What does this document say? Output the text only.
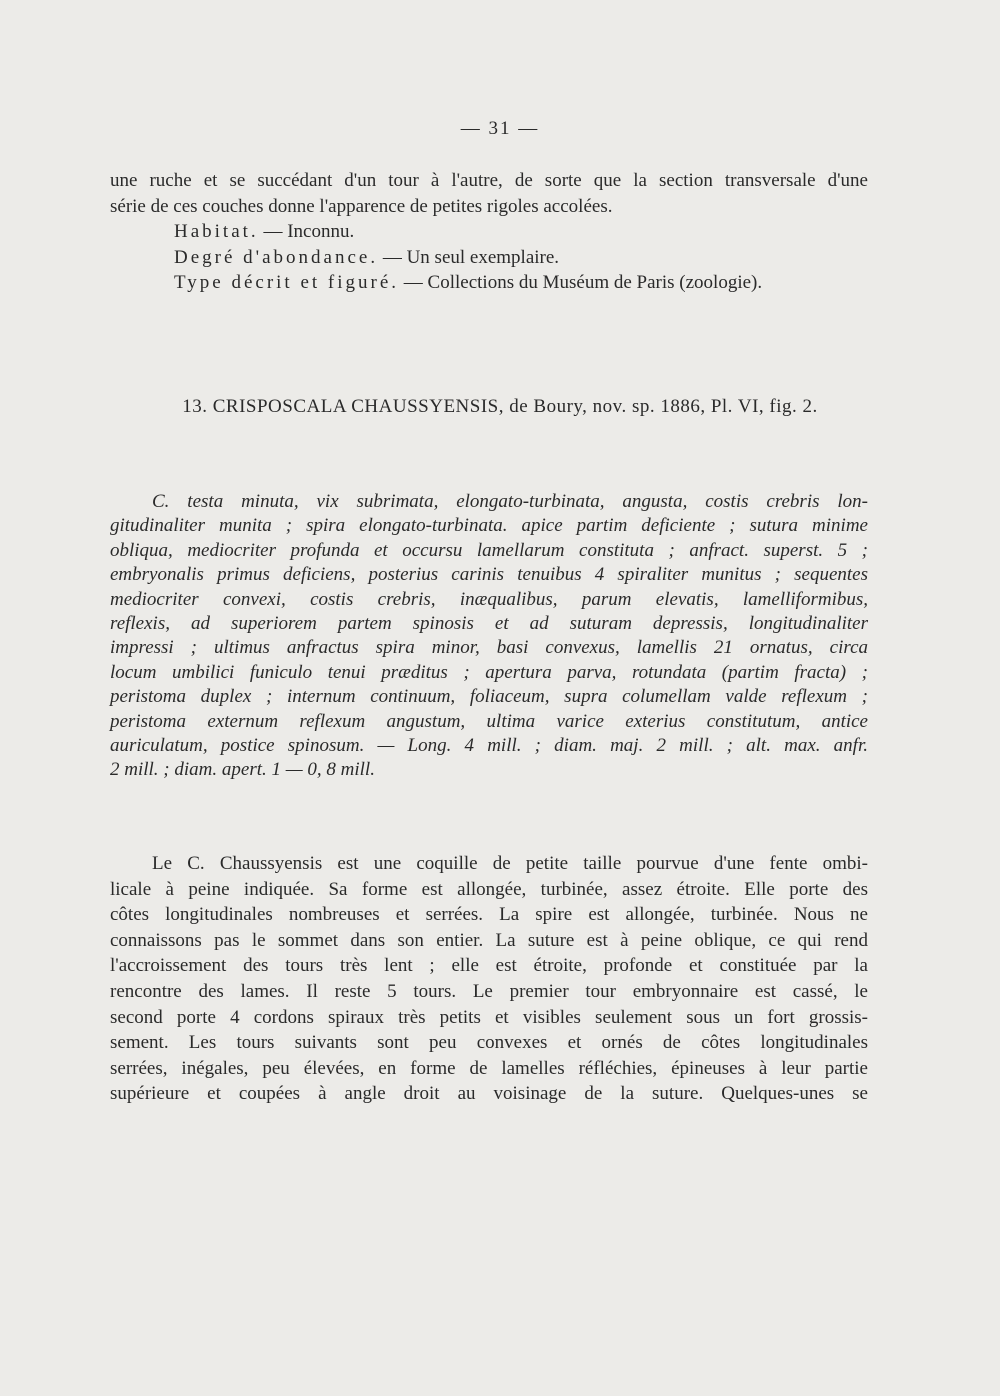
— 31 —
une ruche et se succédant d'un tour à l'autre, de sorte que la section transversale d'une
série de ces couches donne l'apparence de petites rigoles accolées.
Habitat. — Inconnu.
Degré d'abondance. — Un seul exemplaire.
Type décrit et figuré. — Collections du Muséum de Paris (zoologie).
13. CRISPOSCALA CHAUSSYENSIS, de Boury, nov. sp. 1886, Pl. VI, fig. 2.
C. testa minuta, vix subrimata, elongato-turbinata, angusta, costis crebris lon-
gitudinaliter munita ; spira elongato-turbinata. apice partim deficiente ; sutura minime
obliqua, mediocriter profunda et occursu lamellarum constituta ; anfract. superst. 5 ;
embryonalis primus deficiens, posterius carinis tenuibus 4 spiraliter munitus ; sequentes
mediocriter convexi, costis crebris, inæqualibus, parum elevatis, lamelliformibus,
reflexis, ad superiorem partem spinosis et ad suturam depressis, longitudinaliter
impressi ; ultimus anfractus spira minor, basi convexus, lamellis 21 ornatus, circa
locum umbilici funiculo tenui præditus ; apertura parva, rotundata (partim fracta) ;
peristoma duplex ; internum continuum, foliaceum, supra columellam valde reflexum ;
peristoma externum reflexum angustum, ultima varice exterius constitutum, antice
auriculatum, postice spinosum. — Long. 4 mill. ; diam. maj. 2 mill. ; alt. max. anfr.
2 mill. ; diam. apert. 1 — 0, 8 mill.
Le C. Chaussyensis est une coquille de petite taille pourvue d'une fente ombi-
licale à peine indiquée. Sa forme est allongée, turbinée, assez étroite. Elle porte des
côtes longitudinales nombreuses et serrées. La spire est allongée, turbinée. Nous ne
connaissons pas le sommet dans son entier. La suture est à peine oblique, ce qui rend
l'accroissement des tours très lent ; elle est étroite, profonde et constituée par la
rencontre des lames. Il reste 5 tours. Le premier tour embryonnaire est cassé, le
second porte 4 cordons spiraux très petits et visibles seulement sous un fort grossis-
sement. Les tours suivants sont peu convexes et ornés de côtes longitudinales
serrées, inégales, peu élevées, en forme de lamelles réfléchies, épineuses à leur partie
supérieure et coupées à angle droit au voisinage de la suture. Quelques-unes se
